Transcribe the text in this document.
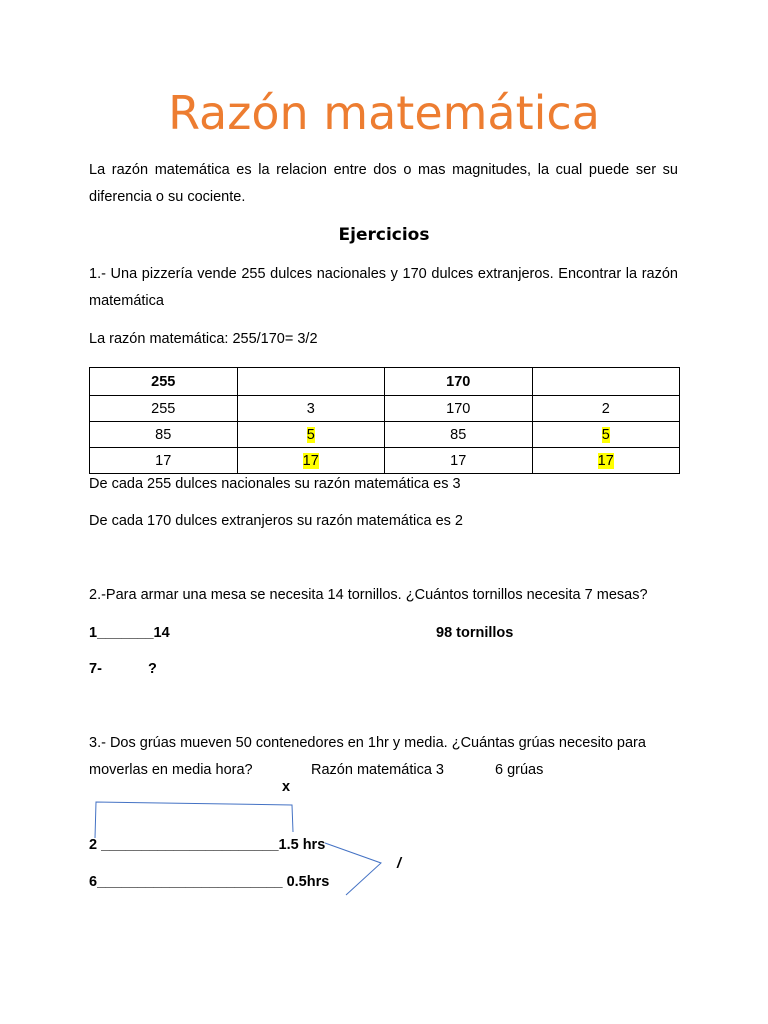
Razón matemática
La razón matemática es la relacion entre dos o mas magnitudes, la cual puede ser su diferencia o su cociente.
Ejercicios
1.- Una pizzería vende 255 dulces nacionales y 170 dulces extranjeros. Encontrar la razón matemática
La razón matemática: 255/170= 3/2
255		170	
255	3	170	2
85	5	85	5
17	17	17	17
De cada 255 dulces nacionales su razón matemática es 3
De cada 170 dulces extranjeros su razón matemática es 2
2.-Para armar una mesa se necesita 14 tornillos. ¿Cuántos tornillos necesita 7 mesas?
1_______14	98 tornillos
7-	?
3.- Dos grúas mueven 50 contenedores en 1hr y media. ¿Cuántas grúas necesito para
moverlas en media hora?	Razón matemática 3	6 grúas
x
2 ______________________1.5 hrs
6_______________________ 0.5hrs
/
